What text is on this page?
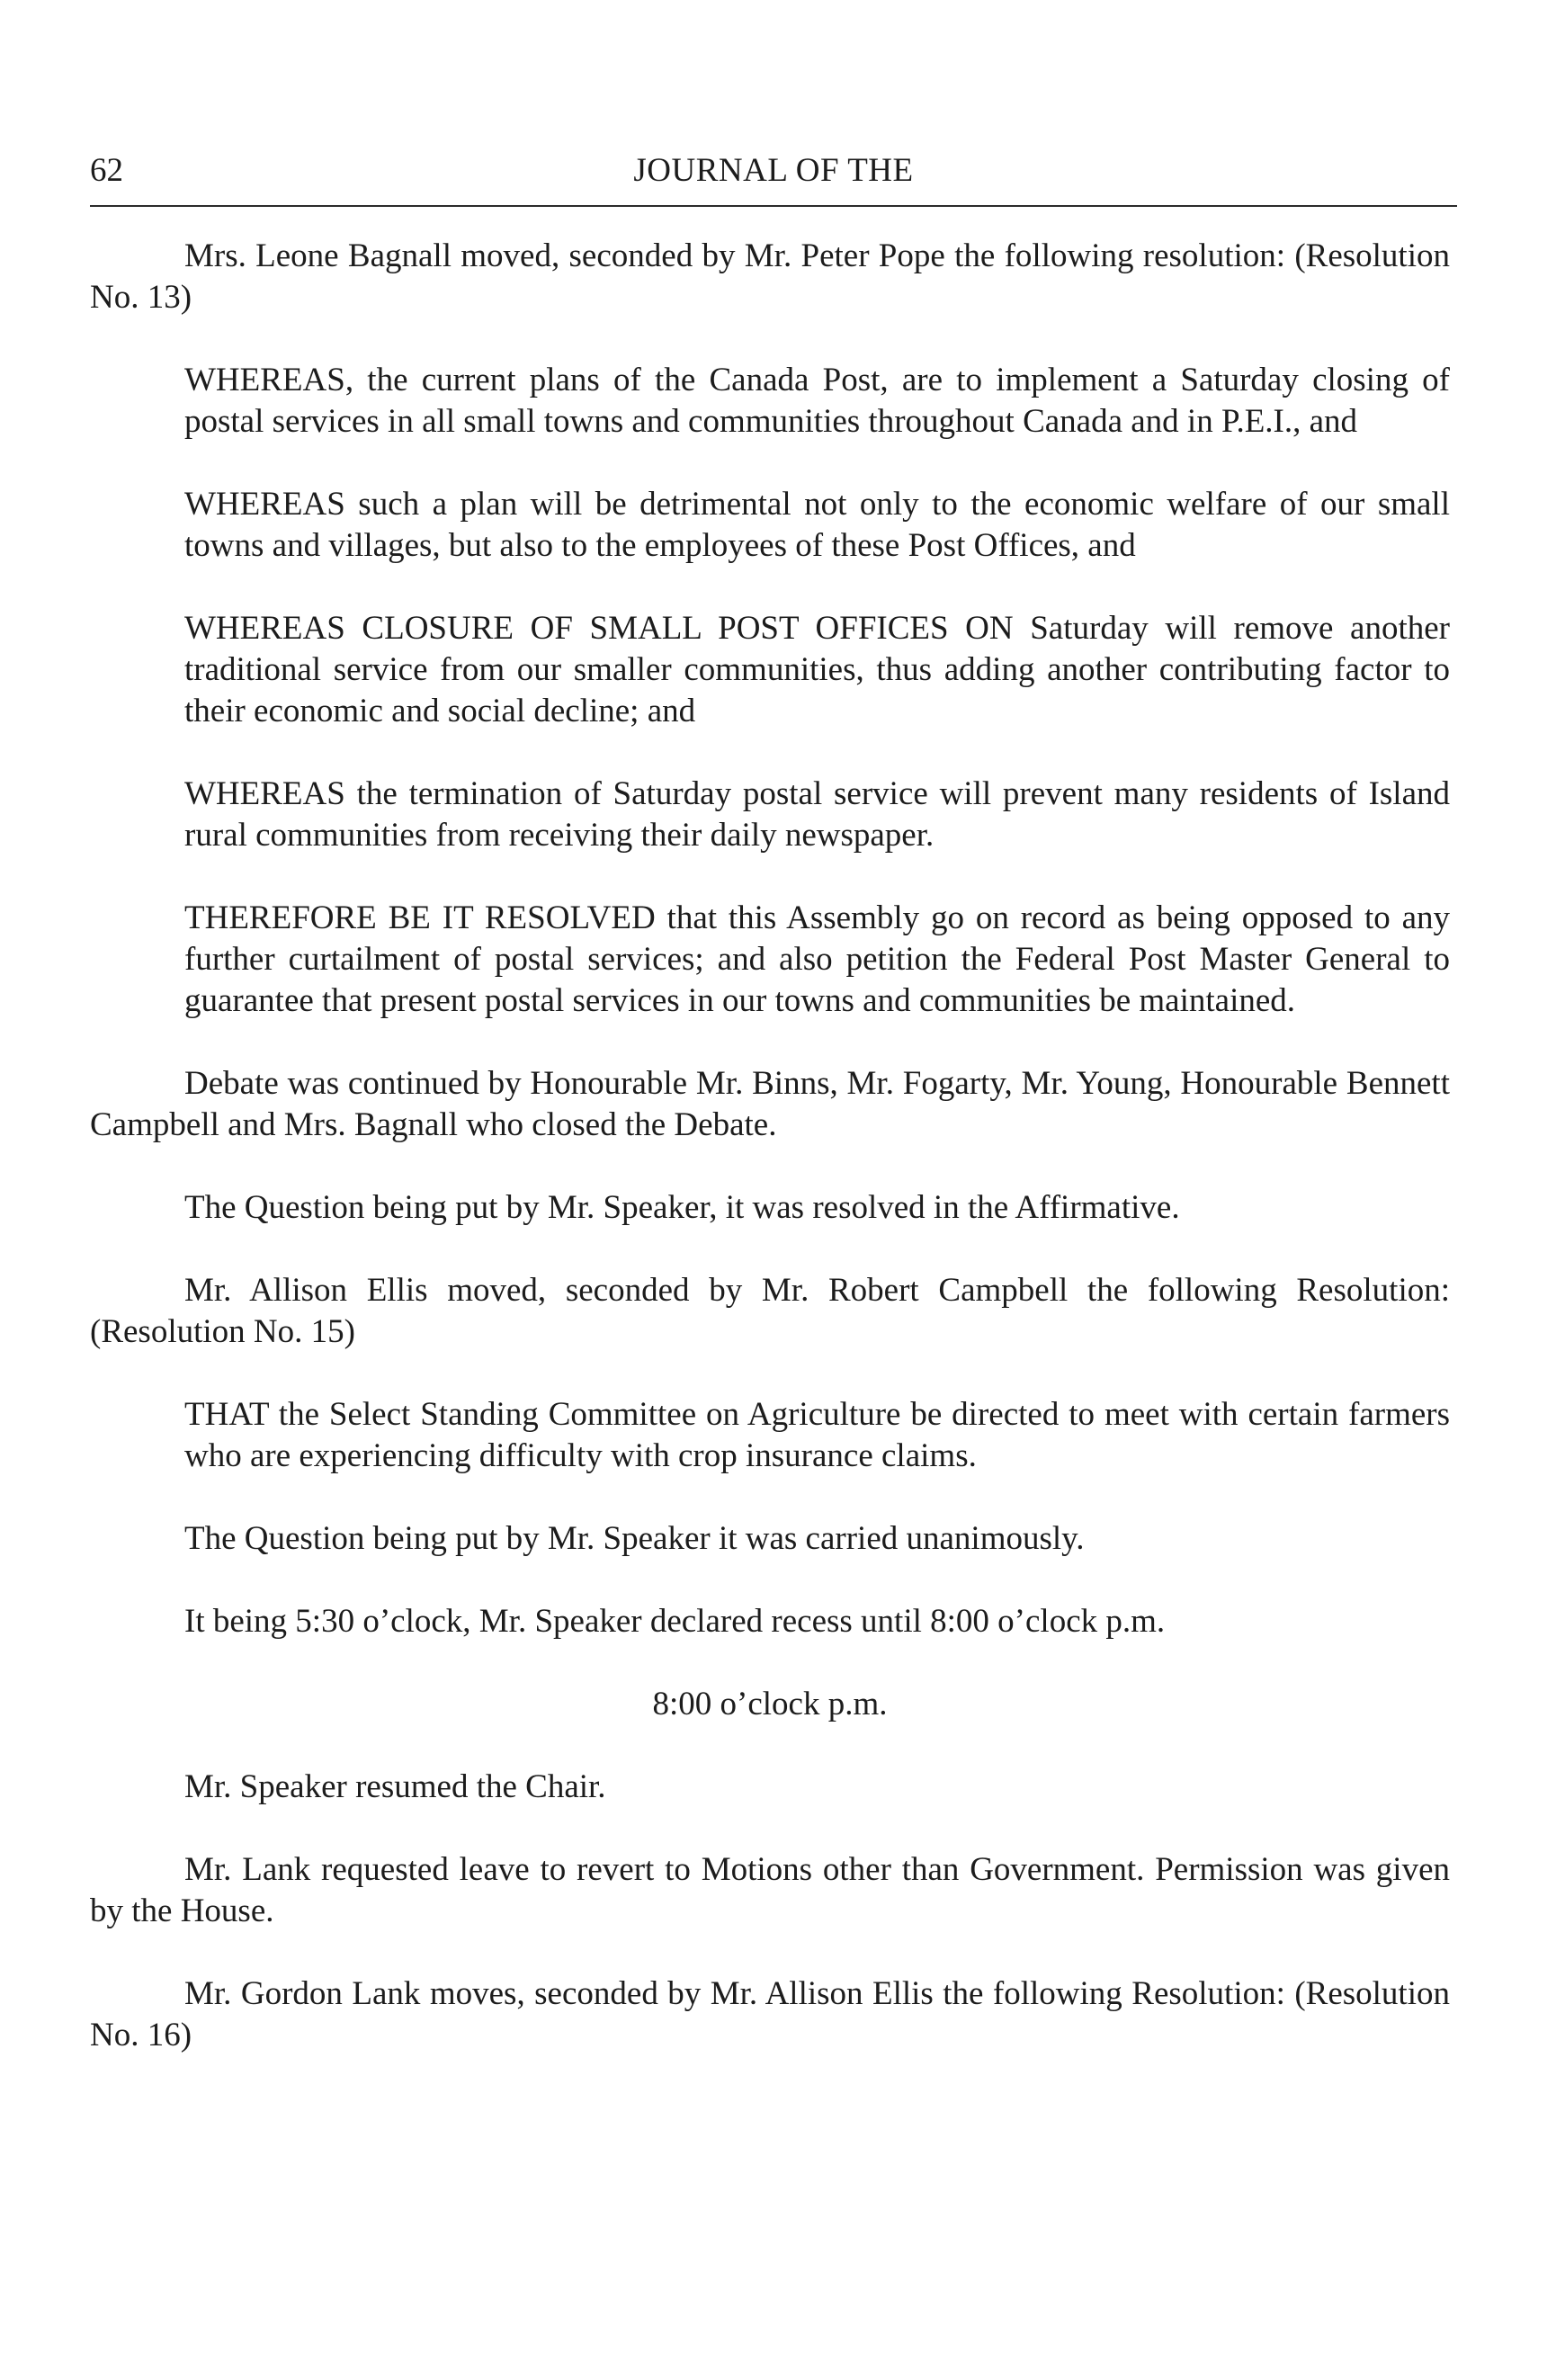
62	JOURNAL OF THE

Mrs. Leone Bagnall moved, seconded by Mr. Peter Pope the following resolution: (Resolution No. 13)

WHEREAS, the current plans of the Canada Post, are to implement a Saturday closing of postal services in all small towns and communities throughout Canada and in P.E.I., and

WHEREAS such a plan will be detrimental not only to the economic welfare of our small towns and villages, but also to the employees of these Post Offices, and

WHEREAS CLOSURE OF SMALL POST OFFICES ON Saturday will remove another traditional service from our smaller communities, thus adding another contributing factor to their economic and social decline; and

WHEREAS the termination of Saturday postal service will prevent many residents of Island rural communities from receiving their daily newspaper.

THEREFORE BE IT RESOLVED that this Assembly go on record as being opposed to any further curtailment of postal services; and also petition the Federal Post Master General to guarantee that present postal services in our towns and communities be maintained.

Debate was continued by Honourable Mr. Binns, Mr. Fogarty, Mr. Young, Honourable Bennett Campbell and Mrs. Bagnall who closed the Debate.

The Question being put by Mr. Speaker, it was resolved in the Affirmative.

Mr. Allison Ellis moved, seconded by Mr. Robert Campbell the following Resolution: (Resolution No. 15)

THAT the Select Standing Committee on Agriculture be directed to meet with certain farmers who are experiencing difficulty with crop insurance claims.

The Question being put by Mr. Speaker it was carried unanimously.

It being 5:30 o’clock, Mr. Speaker declared recess until 8:00 o’clock p.m.

8:00 o’clock p.m.

Mr. Speaker resumed the Chair.

Mr. Lank requested leave to revert to Motions other than Government. Permission was given by the House.

Mr. Gordon Lank moves, seconded by Mr. Allison Ellis the following Resolution: (Resolution No. 16)
